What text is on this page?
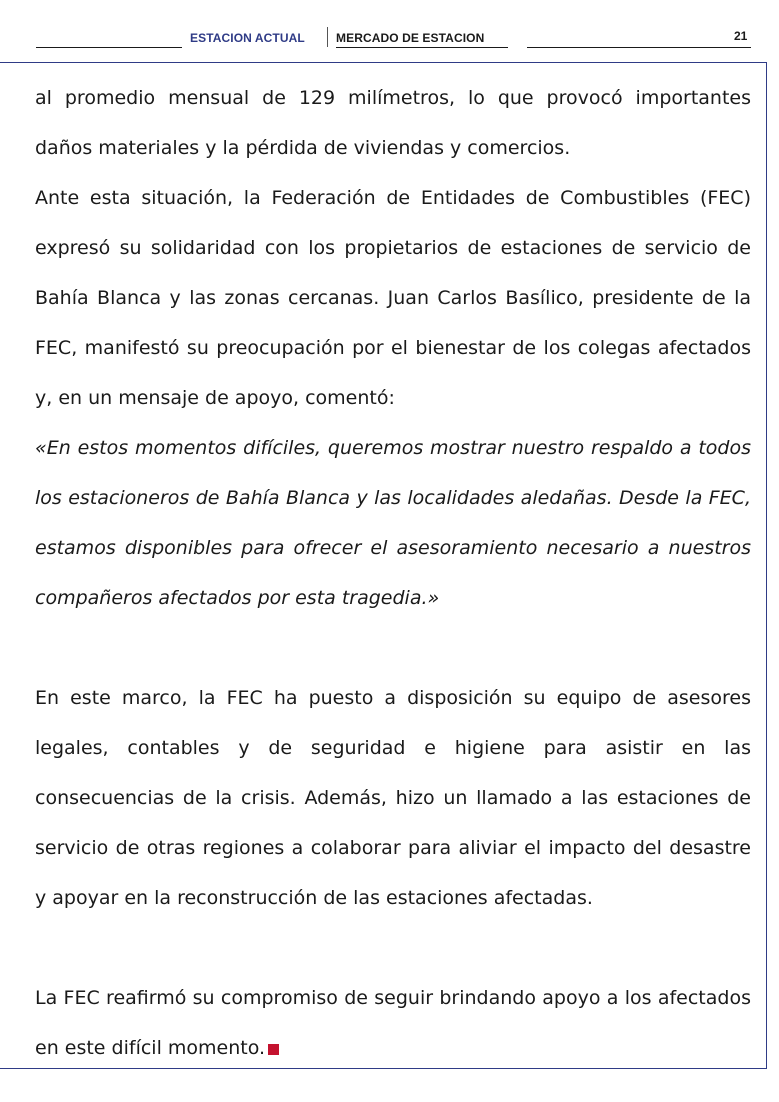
ESTACION ACTUAL	MERCADO DE ESTACION	21

al promedio mensual de 129 milímetros, lo que provocó importantes daños materiales y la pérdida de viviendas y comercios.

Ante esta situación, la Federación de Entidades de Combustibles (FEC) expresó su solidaridad con los propietarios de estaciones de servicio de Bahía Blanca y las zonas cercanas. Juan Carlos Basílico, presidente de la FEC, manifestó su preocupación por el bienestar de los colegas afectados y, en un mensaje de apoyo, comentó:

«En estos momentos difíciles, queremos mostrar nuestro respaldo a todos los estacioneros de Bahía Blanca y las localidades aledañas. Desde la FEC, estamos disponibles para ofrecer el asesoramiento necesario a nuestros compañeros afectados por esta tragedia.»

En este marco, la FEC ha puesto a disposición su equipo de asesores legales, contables y de seguridad e higiene para asistir en las consecuencias de la crisis. Además, hizo un llamado a las estaciones de servicio de otras regiones a colaborar para aliviar el impacto del desastre y apoyar en la reconstrucción de las estaciones afectadas.

La FEC reafirmó su compromiso de seguir brindando apoyo a los afectados en este difícil momento.
